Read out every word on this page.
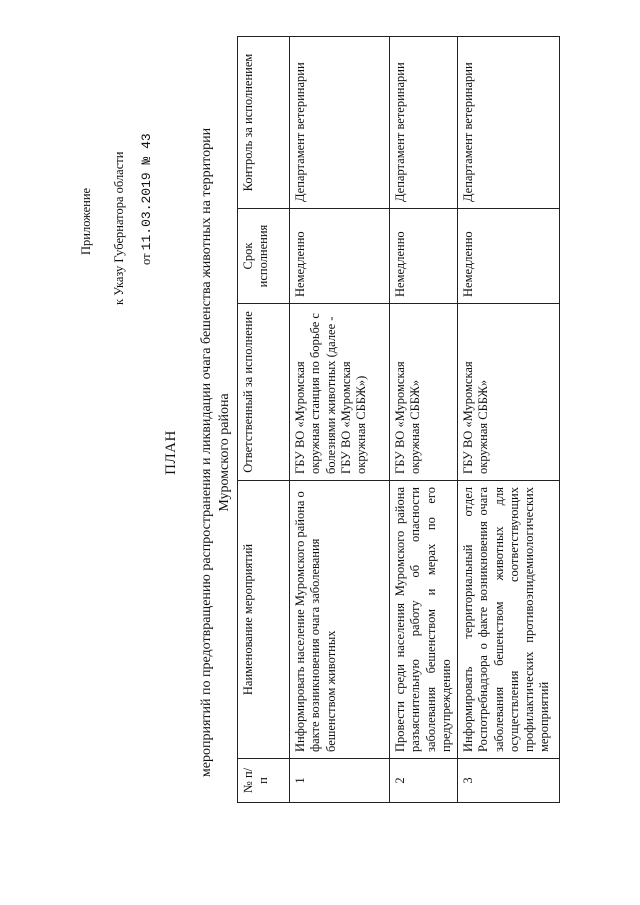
Приложение к Указу Губернатора области от 11.03.2019 № 43
ПЛАН мероприятий по предотвращению распространения и ликвидации очага бешенства животных на территории Муромского района
№ п/п	Наименование мероприятий	Ответственный за исполнение	Срок исполнения	Контроль за исполнением
1	Информировать население Муромского района о факте возникновения очага заболевания бешенством животных	ГБУ ВО «Муромская окружная станция по борьбе с болезнями животных (далее - ГБУ ВО «Муромская окружная СББЖ»)	Немедленно	Департамент ветеринарии
2	Провести среди населения Муромского района разъяснительную работу об опасности заболевания бешенством и мерах по его предупреждению	ГБУ ВО «Муромская окружная СББЖ»	Немедленно	Департамент ветеринарии
3	Информировать территориальный отдел Роспотребнадзора о факте возникновения очага заболевания бешенством животных для осуществления соответствующих профилактических противоэпидемиологических мероприятий	ГБУ ВО «Муромская окружная СББЖ»	Немедленно	Департамент ветеринарии
